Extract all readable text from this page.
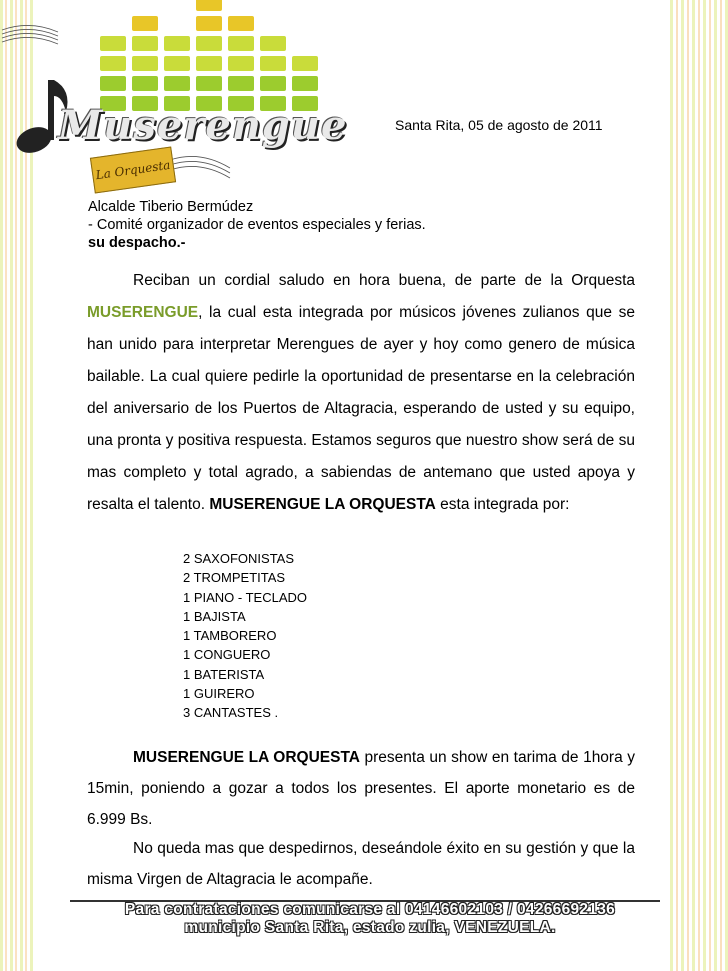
Muserengue
La Orquesta
Santa Rita, 05 de agosto de 2011
Alcalde Tiberio Bermúdez
- Comité organizador de eventos especiales y ferias.
su despacho.-
Reciban un cordial saludo en hora buena, de parte de la Orquesta MUSERENGUE, la cual esta integrada por músicos jóvenes zulianos que se han unido para interpretar Merengues de ayer y hoy como genero de música bailable. La cual quiere pedirle la oportunidad de presentarse en la celebración del aniversario de los Puertos de Altagracia, esperando de usted y su equipo, una pronta y positiva respuesta. Estamos seguros que nuestro show será de su mas completo y total agrado, a sabiendas de antemano que usted apoya y resalta el talento. MUSERENGUE LA ORQUESTA esta integrada por:
2 SAXOFONISTAS
2 TROMPETITAS
1 PIANO - TECLADO
1 BAJISTA
1 TAMBORERO
1 CONGUERO
1 BATERISTA
1 GUIRERO
3 CANTASTES .
MUSERENGUE LA ORQUESTA presenta un show en tarima de 1hora y 15min, poniendo a gozar a todos los presentes. El aporte monetario es de 6.999 Bs.
No queda mas que despedirnos, deseándole éxito en su gestión y que la misma Virgen de Altagracia le acompañe.
Para contrataciones comunicarse al 04146602103 / 04266692136
municipio Santa Rita, estado zulia, VENEZUELA.
